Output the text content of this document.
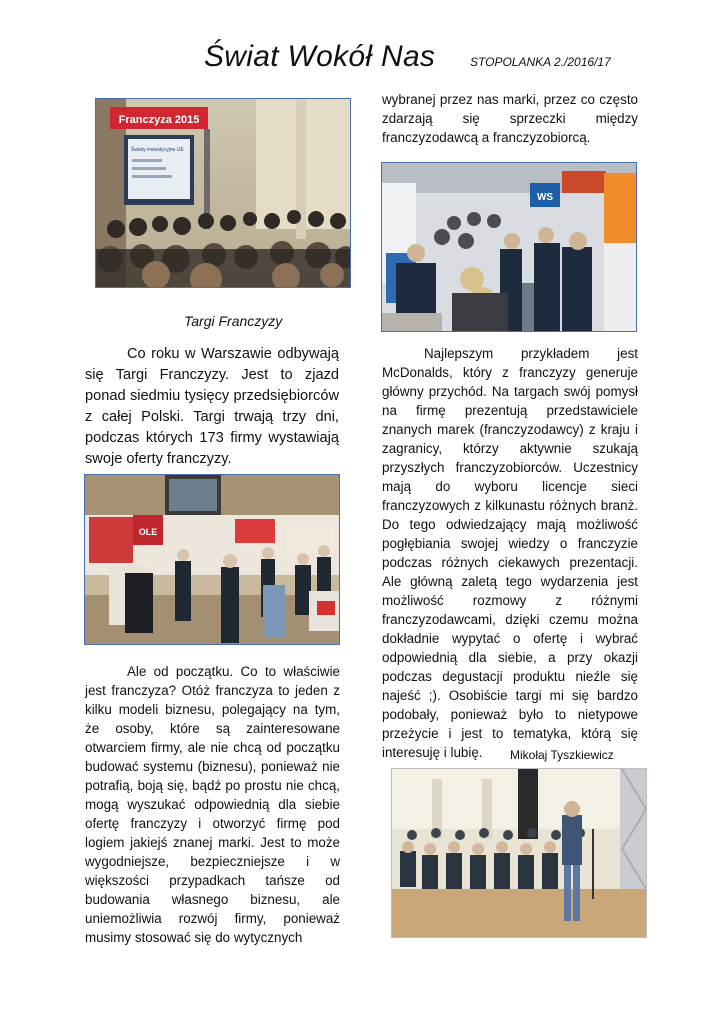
Świat Wokół Nas	STOPOLANKA 2./2016/17
Franczyza 2015
Światy inwestycyjne UE
Targi Franczyzy

Co roku w Warszawie odbywają się Targi Franczyzy. Jest to zjazd ponad siedmiu tysięcy przedsiębiorców z całej Polski. Targi trwają trzy dni, podczas których 173 firmy wystawiają swoje oferty franczyzy.

OLE

Ale od początku. Co to właściwie jest franczyza? Otóż franczyza to jeden z kilku modeli biznesu, polegający na tym, że osoby, które są zainteresowane otwarciem firmy, ale nie chcą od początku budować systemu (biznesu), ponieważ nie potrafią, boją się, bądź po prostu nie chcą, mogą wyszukać odpowiednią dla siebie ofertę franczyzy i otworzyć firmę pod logiem jakiejś znanej marki. Jest to może wygodniejsze, bezpieczniejsze i w większości przypadkach tańsze od budowania własnego biznesu, ale uniemożliwia rozwój firmy, ponieważ musimy stosować się do wytycznych

wybranej przez nas marki, przez co często zdarzają się sprzeczki między franczyzodawcą a franczyzobiorcą.

WS

Najlepszym przykładem jest McDonalds, który z franczyzy generuje główny przychód. Na targach swój pomysł na firmę prezentują przedstawiciele znanych marek (franczyzodawcy) z kraju i zagranicy, którzy aktywnie szukają przyszłych franczyzobiorców. Uczestnicy mają do wyboru licencje sieci franczyzowych z kilkunastu różnych branż. Do tego odwiedzający mają możliwość pogłębiania swojej wiedzy o franczyzie podczas różnych ciekawych prezentacji. Ale główną zaletą tego wydarzenia jest możliwość rozmowy z różnymi franczyzodawcami, dzięki czemu można dokładnie wypytać o ofertę i wybrać odpowiednią dla siebie, a przy okazji podczas degustacji produktu nieźle się najeść ;). Osobiście targi mi się bardzo podobały, ponieważ było to nietypowe przeżycie i jest to tematyka, którą się interesuję i lubię.	Mikołaj Tyszkiewicz
